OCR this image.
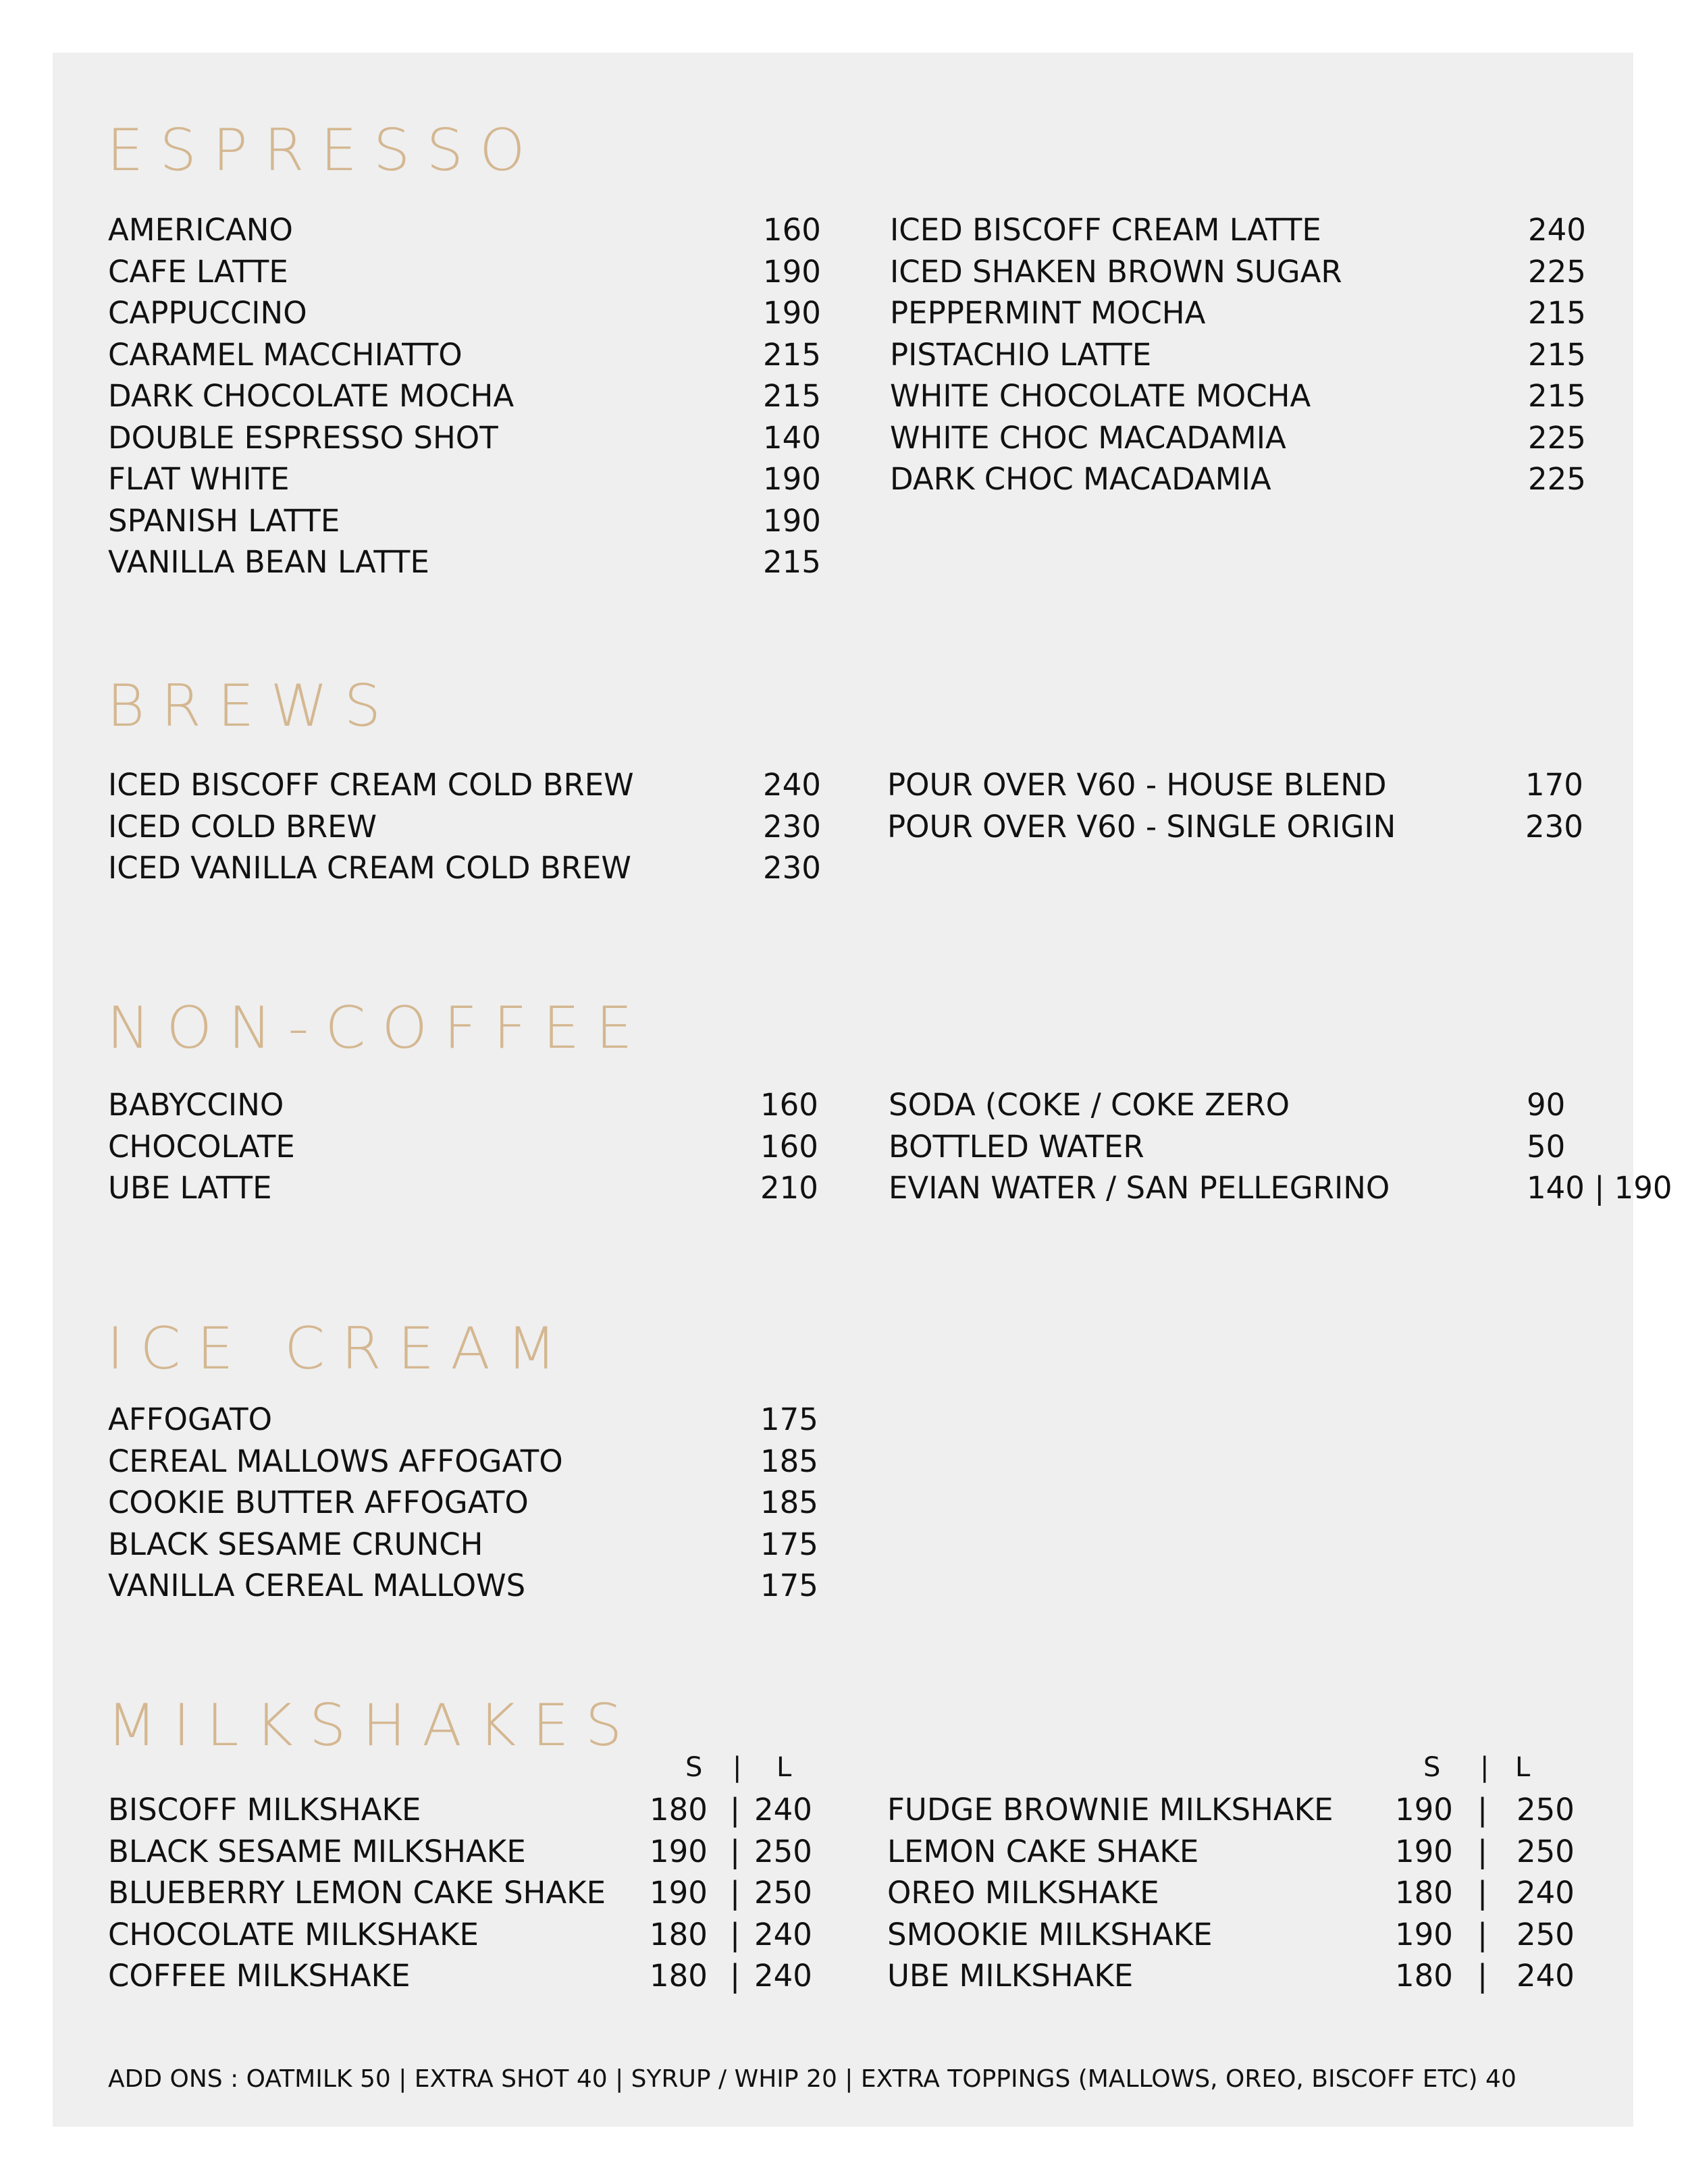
ESPRESSO
AMERICANO	160
CAFE LATTE	190
CAPPUCCINO	190
CARAMEL MACCHIATTO	215
DARK CHOCOLATE MOCHA	215
DOUBLE ESPRESSO SHOT	140
FLAT WHITE	190
SPANISH LATTE	190
VANILLA BEAN LATTE	215
ICED BISCOFF CREAM LATTE	240
ICED SHAKEN BROWN SUGAR	225
PEPPERMINT MOCHA	215
PISTACHIO LATTE	215
WHITE CHOCOLATE MOCHA	215
WHITE CHOC MACADAMIA	225
DARK CHOC MACADAMIA	225
BREWS
ICED BISCOFF CREAM COLD BREW	240
ICED COLD BREW	230
ICED VANILLA CREAM COLD BREW	230
POUR OVER V60 - HOUSE BLEND	170
POUR OVER V60 - SINGLE ORIGIN	230
NON-COFFEE
BABYCCINO	160
CHOCOLATE	160
UBE LATTE	210
SODA (COKE / COKE ZERO	90
BOTTLED WATER	50
EVIAN WATER / SAN PELLEGRINO	140 | 190
ICE CREAM
AFFOGATO	175
CEREAL MALLOWS AFFOGATO	185
COOKIE BUTTER AFFOGATO	185
BLACK SESAME CRUNCH	175
VANILLA CEREAL MALLOWS	175
MILKSHAKES
S | L	S | L
BISCOFF MILKSHAKE	180 | 240
BLACK SESAME MILKSHAKE	190 | 250
BLUEBERRY LEMON CAKE SHAKE 190 | 250
CHOCOLATE MILKSHAKE	180 | 240
COFFEE MILKSHAKE	180 | 240
FUDGE BROWNIE MILKSHAKE 190 | 250
LEMON CAKE SHAKE	190 | 250
OREO MILKSHAKE	180 | 240
SMOOKIE MILKSHAKE	190 | 250
UBE MILKSHAKE	180 | 240
ADD ONS : OATMILK 50 | EXTRA SHOT 40 | SYRUP / WHIP 20 | EXTRA TOPPINGS (MALLOWS, OREO, BISCOFF ETC) 40
